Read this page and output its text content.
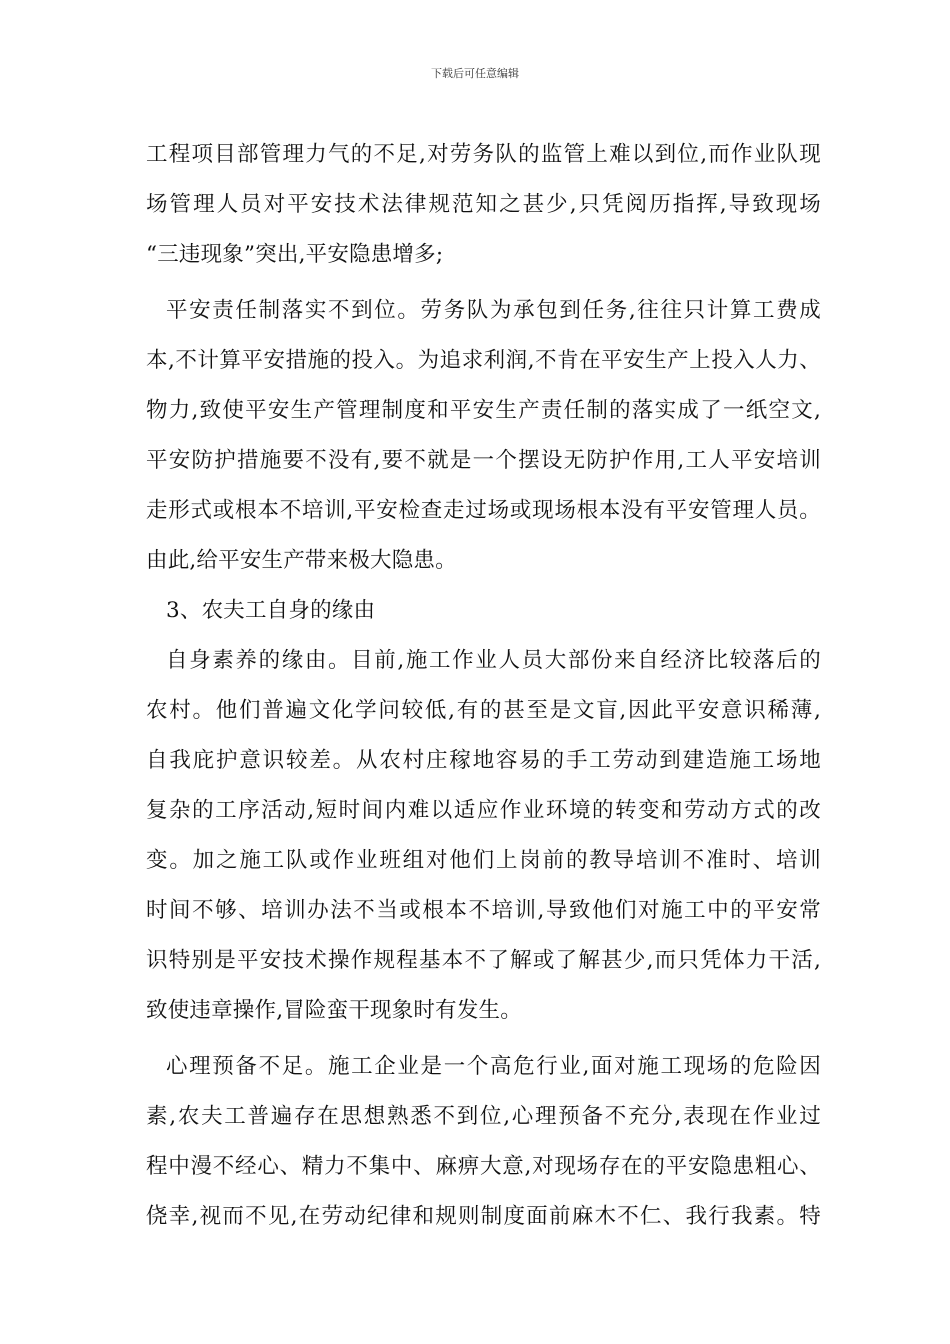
下载后可任意编辑
工程项目部管理力气的不足,对劳务队的监管上难以到位,而作业队现
场管理人员对平安技术法律规范知之甚少,只凭阅历指挥,导致现场
“三违现象”突出,平安隐患增多;
平安责任制落实不到位。劳务队为承包到任务,往往只计算工费成
本,不计算平安措施的投入。为追求利润,不肯在平安生产上投入人力、
物力,致使平安生产管理制度和平安生产责任制的落实成了一纸空文,
平安防护措施要不没有,要不就是一个摆设无防护作用,工人平安培训
走形式或根本不培训,平安检查走过场或现场根本没有平安管理人员。
由此,给平安生产带来极大隐患。
3、农夫工自身的缘由
自身素养的缘由。目前,施工作业人员大部份来自经济比较落后的
农村。他们普遍文化学问较低,有的甚至是文盲,因此平安意识稀薄,
自我庇护意识较差。从农村庄稼地容易的手工劳动到建造施工场地
复杂的工序活动,短时间内难以适应作业环境的转变和劳动方式的改
变。加之施工队或作业班组对他们上岗前的教导培训不准时、培训
时间不够、培训办法不当或根本不培训,导致他们对施工中的平安常
识特别是平安技术操作规程基本不了解或了解甚少,而只凭体力干活,
致使违章操作,冒险蛮干现象时有发生。
心理预备不足。施工企业是一个高危行业,面对施工现场的危险因
素,农夫工普遍存在思想熟悉不到位,心理预备不充分,表现在作业过
程中漫不经心、精力不集中、麻痹大意,对现场存在的平安隐患粗心、
侥幸,视而不见,在劳动纪律和规则制度面前麻木不仁、我行我素。特
